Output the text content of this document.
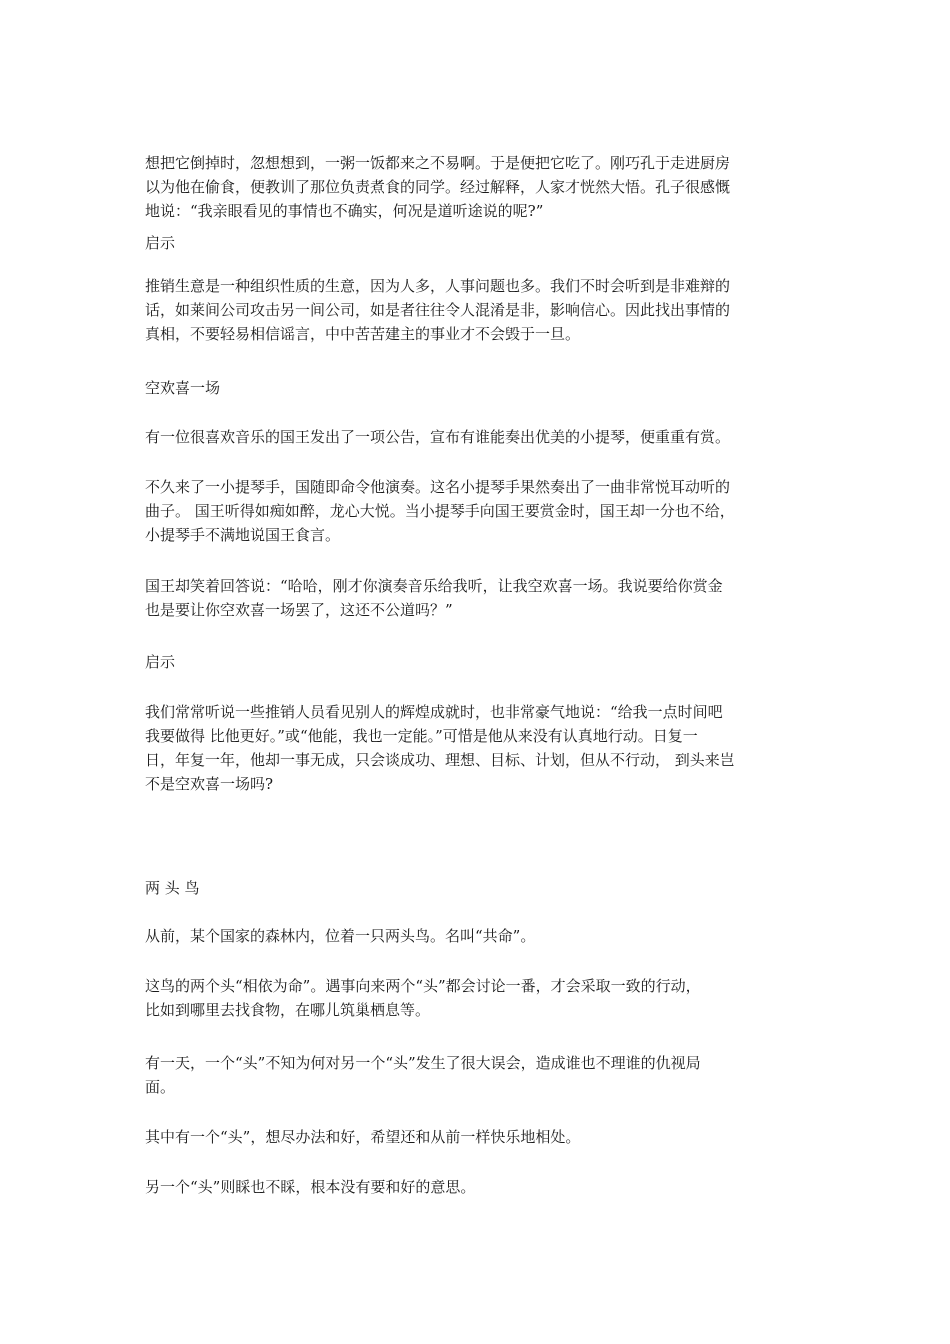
想把它倒掉时，忽想想到，一粥一饭都来之不易啊。于是便把它吃了。刚巧孔于走进厨房
以为他在偷食，便教训了那位负责煮食的同学。经过解释，人家才恍然大悟。孔子很感慨
地说：“我亲眼看见的事情也不确实，何况是道听途说的呢?”
启示
推销生意是一种组织性质的生意，因为人多，人事问题也多。我们不时会听到是非难辩的
话，如莱间公司攻击另一间公司，如是者往往令人混淆是非，影响信心。因此找出事情的
真相，不要轻易相信谣言，中中苦苦建主的事业才不会毁于一旦。
空欢喜一场
有一位很喜欢音乐的国王发出了一项公告，宣布有谁能奏出优美的小提琴，便重重有赏。
不久来了一小提琴手，国随即命令他演奏。这名小提琴手果然奏出了一曲非常悦耳动听的
曲子。 国王听得如痴如醉，龙心大悦。当小提琴手向国王要赏金时，国王却一分也不给，
小提琴手不满地说国王食言。
国王却笑着回答说：“哈哈，刚才你演奏音乐给我听，让我空欢喜一场。我说要给你赏金
也是要让你空欢喜一场罢了，这还不公道吗？”
启示
我们常常听说一些推销人员看见别人的辉煌成就时，也非常豪气地说：“给我一点时间吧
我要做得 比他更好。”或“他能，我也一定能。”可惜是他从来没有认真地行动。日复一
日，年复一年，他却一事无成，只会谈成功、理想、目标、计划，但从不行动， 到头来岂
不是空欢喜一场吗?
两 头 鸟
从前，某个国家的森林内，位着一只两头鸟。名叫“共命”。
这鸟的两个头“相依为命”。遇事向来两个“头”都会讨论一番，才会采取一致的行动，
比如到哪里去找食物，在哪儿筑巢栖息等。
有一天，一个“头”不知为何对另一个“头”发生了很大误会，造成谁也不理谁的仇视局
面。
其中有一个“头”，想尽办法和好，希望还和从前一样快乐地相处。
另一个“头”则睬也不睬，根本没有要和好的意思。
